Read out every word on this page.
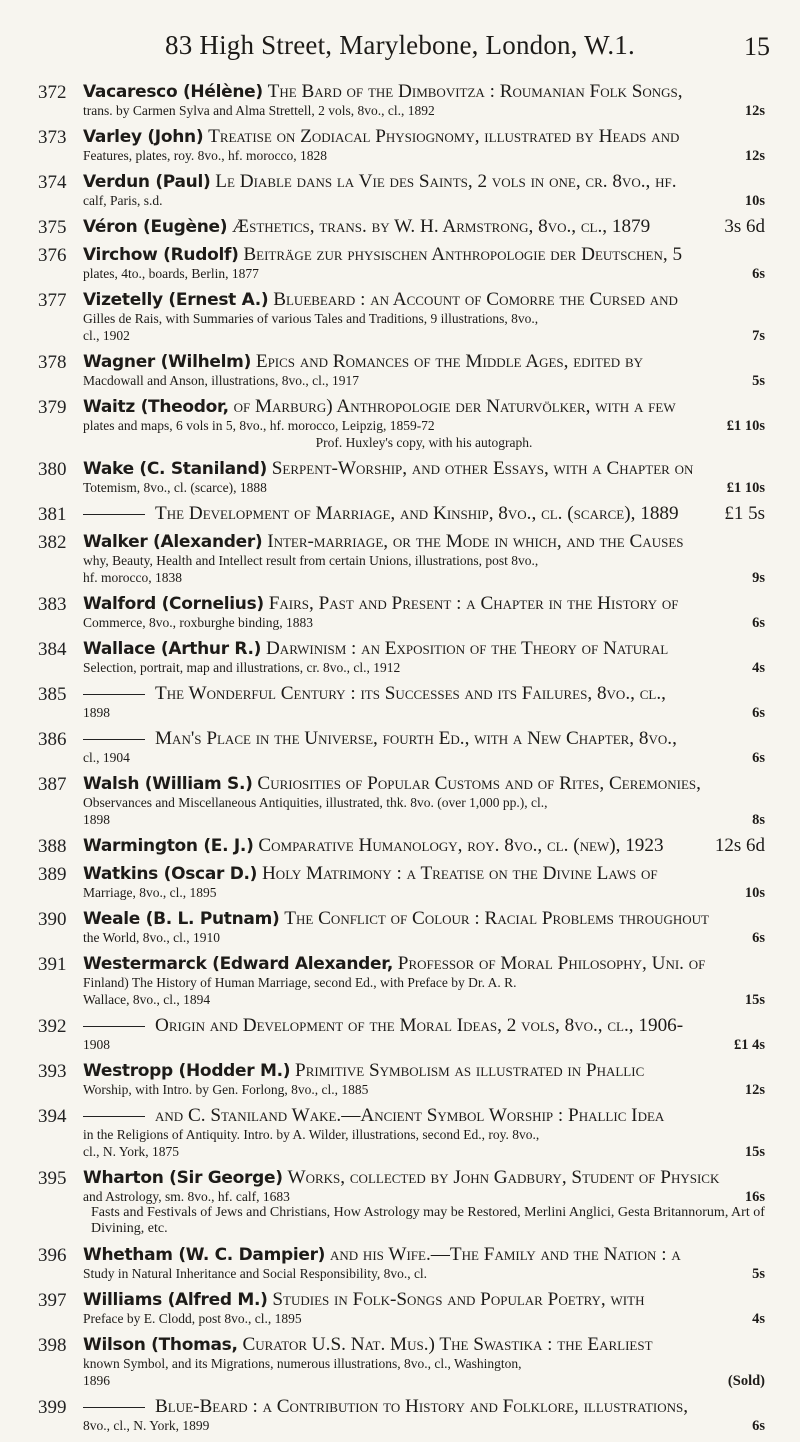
83 High Street, Marylebone, London, W.1.	15
372 Vacaresco (Hélène) The Bard of the Dimbovitza : Roumanian Folk Songs,
trans. by Carmen Sylva and Alma Strettell, 2 vols, 8vo., cl., 1892	12s
373 Varley (John) Treatise on Zodiacal Physiognomy, illustrated by Heads and
Features, plates, roy. 8vo., hf. morocco, 1828	12s
374 Verdun (Paul) Le Diable dans la Vie des Saints, 2 vols in one, cr. 8vo., hf.
calf, Paris, s.d.	10s
375 Véron (Eugène) Æsthetics, trans. by W. H. Armstrong, 8vo., cl., 1879	3s 6d
376 Virchow (Rudolf) Beiträge zur physischen Anthropologie der Deutschen, 5
plates, 4to., boards, Berlin, 1877	6s
377 Vizetelly (Ernest A.) Bluebeard : an Account of Comorre the Cursed and
Gilles de Rais, with Summaries of various Tales and Traditions, 9 illustrations, 8vo.,
cl., 1902	7s
378 Wagner (Wilhelm) Epics and Romances of the Middle Ages, edited by
Macdowall and Anson, illustrations, 8vo., cl., 1917	5s
379 Waitz (Theodor, of Marburg) Anthropologie der Naturvölker, with a few
plates and maps, 6 vols in 5, 8vo., hf. morocco, Leipzig, 1859-72	£1 10s
Prof. Huxley's copy, with his autograph.
380 Wake (C. Staniland) Serpent-Worship, and other Essays, with a Chapter on
Totemism, 8vo., cl. (scarce), 1888	£1 10s
381	The Development of Marriage, and Kinship, 8vo., cl. (scarce), 1889 £1 5s
382 Walker (Alexander) Inter-marriage, or the Mode in which, and the Causes
why, Beauty, Health and Intellect result from certain Unions, illustrations, post 8vo.,
hf. morocco, 1838	9s
383 Walford (Cornelius) Fairs, Past and Present : a Chapter in the History of
Commerce, 8vo., roxburghe binding, 1883	6s
384 Wallace (Arthur R.) Darwinism : an Exposition of the Theory of Natural
Selection, portrait, map and illustrations, cr. 8vo., cl., 1912	4s
385	The Wonderful Century : its Successes and its Failures, 8vo., cl.,
1898	6s
386	Man's Place in the Universe, fourth Ed., with a New Chapter, 8vo.,
cl., 1904	6s
387 Walsh (William S.) Curiosities of Popular Customs and of Rites, Ceremonies,
Observances and Miscellaneous Antiquities, illustrated, thk. 8vo. (over 1,000 pp.), cl.,
1898	8s
388 Warmington (E. J.) Comparative Humanology, roy. 8vo., cl. (new), 1923	12s 6d
389 Watkins (Oscar D.) Holy Matrimony : a Treatise on the Divine Laws of
Marriage, 8vo., cl., 1895	10s
390 Weale (B. L. Putnam) The Conflict of Colour : Racial Problems throughout
the World, 8vo., cl., 1910	6s
391 Westermarck (Edward Alexander, Professor of Moral Philosophy, Uni. of
Finland) The History of Human Marriage, second Ed., with Preface by Dr. A. R.
Wallace, 8vo., cl., 1894	15s
392	Origin and Development of the Moral Ideas, 2 vols, 8vo., cl., 1906-
1908	£1 4s
393 Westropp (Hodder M.) Primitive Symbolism as illustrated in Phallic
Worship, with Intro. by Gen. Forlong, 8vo., cl., 1885	12s
394	and C. Staniland Wake.—Ancient Symbol Worship : Phallic Idea
in the Religions of Antiquity. Intro. by A. Wilder, illustrations, second Ed., roy. 8vo.,
cl., N. York, 1875	15s
395 Wharton (Sir George) Works, collected by John Gadbury, Student of Physick
and Astrology, sm. 8vo., hf. calf, 1683	16s
Fasts and Festivals of Jews and Christians, How Astrology may be Restored, Merlini Anglici, Gesta Britannorum, Art of Divining, etc.
396 Whetham (W. C. Dampier) and his Wife.—The Family and the Nation : a
Study in Natural Inheritance and Social Responsibility, 8vo., cl.	5s
397 Williams (Alfred M.) Studies in Folk-Songs and Popular Poetry, with
Preface by E. Clodd, post 8vo., cl., 1895	4s
398 Wilson (Thomas, Curator U.S. Nat. Mus.) The Swastika : the Earliest
known Symbol, and its Migrations, numerous illustrations, 8vo., cl., Washington,
1896	(Sold)
399	Blue-Beard : a Contribution to History and Folklore, illustrations,
8vo., cl., N. York, 1899	6s
